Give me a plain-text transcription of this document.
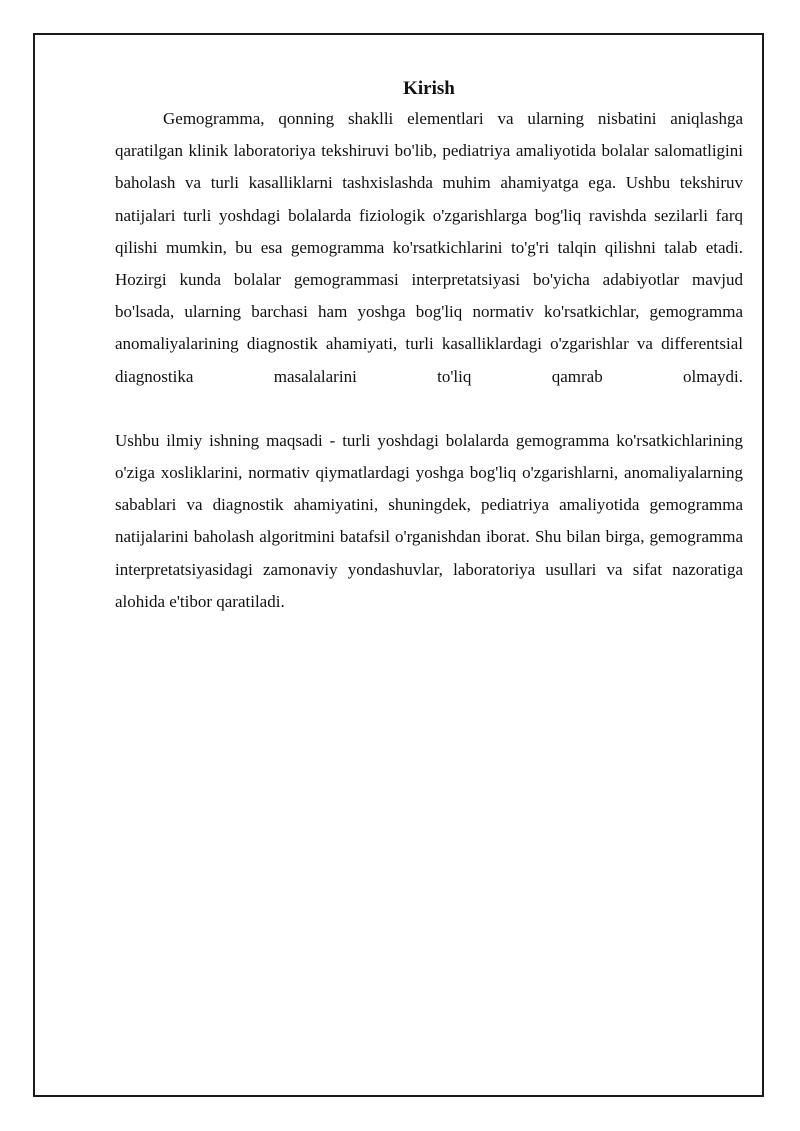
Kirish

Gemogramma, qonning shaklli elementlari va ularning nisbatini aniqlashga qaratilgan klinik laboratoriya tekshiruvi bo'lib, pediatriya amaliyotida bolalar salomatligini baholash va turli kasalliklarni tashxislashda muhim ahamiyatga ega. Ushbu tekshiruv natijalari turli yoshdagi bolalarda fiziologik o'zgarishlarga bog'liq ravishda sezilarli farq qilishi mumkin, bu esa gemogramma ko'rsatkichlarini to'g'ri talqin qilishni talab etadi. Hozirgi kunda bolalar gemogrammasi interpretatsiyasi bo'yicha adabiyotlar mavjud bo'lsada, ularning barchasi ham yoshga bog'liq normativ ko'rsatkichlar, gemogramma anomaliyalarining diagnostik ahamiyati, turli kasalliklardagi o'zgarishlar va differentsial diagnostika masalalarini to'liq qamrab olmaydi.

Ushbu ilmiy ishning maqsadi - turli yoshdagi bolalarda gemogramma ko'rsatkichlarining o'ziga xosliklarini, normativ qiymatlardagi yoshga bog'liq o'zgarishlarni, anomaliyalarning sabablari va diagnostik ahamiyatini, shuningdek, pediatriya amaliyotida gemogramma natijalarini baholash algoritmini batafsil o'rganishdan iborat. Shu bilan birga, gemogramma interpretatsiyasidagi zamonaviy yondashuvlar, laboratoriya usullari va sifat nazoratiga alohida e'tibor qaratiladi.
